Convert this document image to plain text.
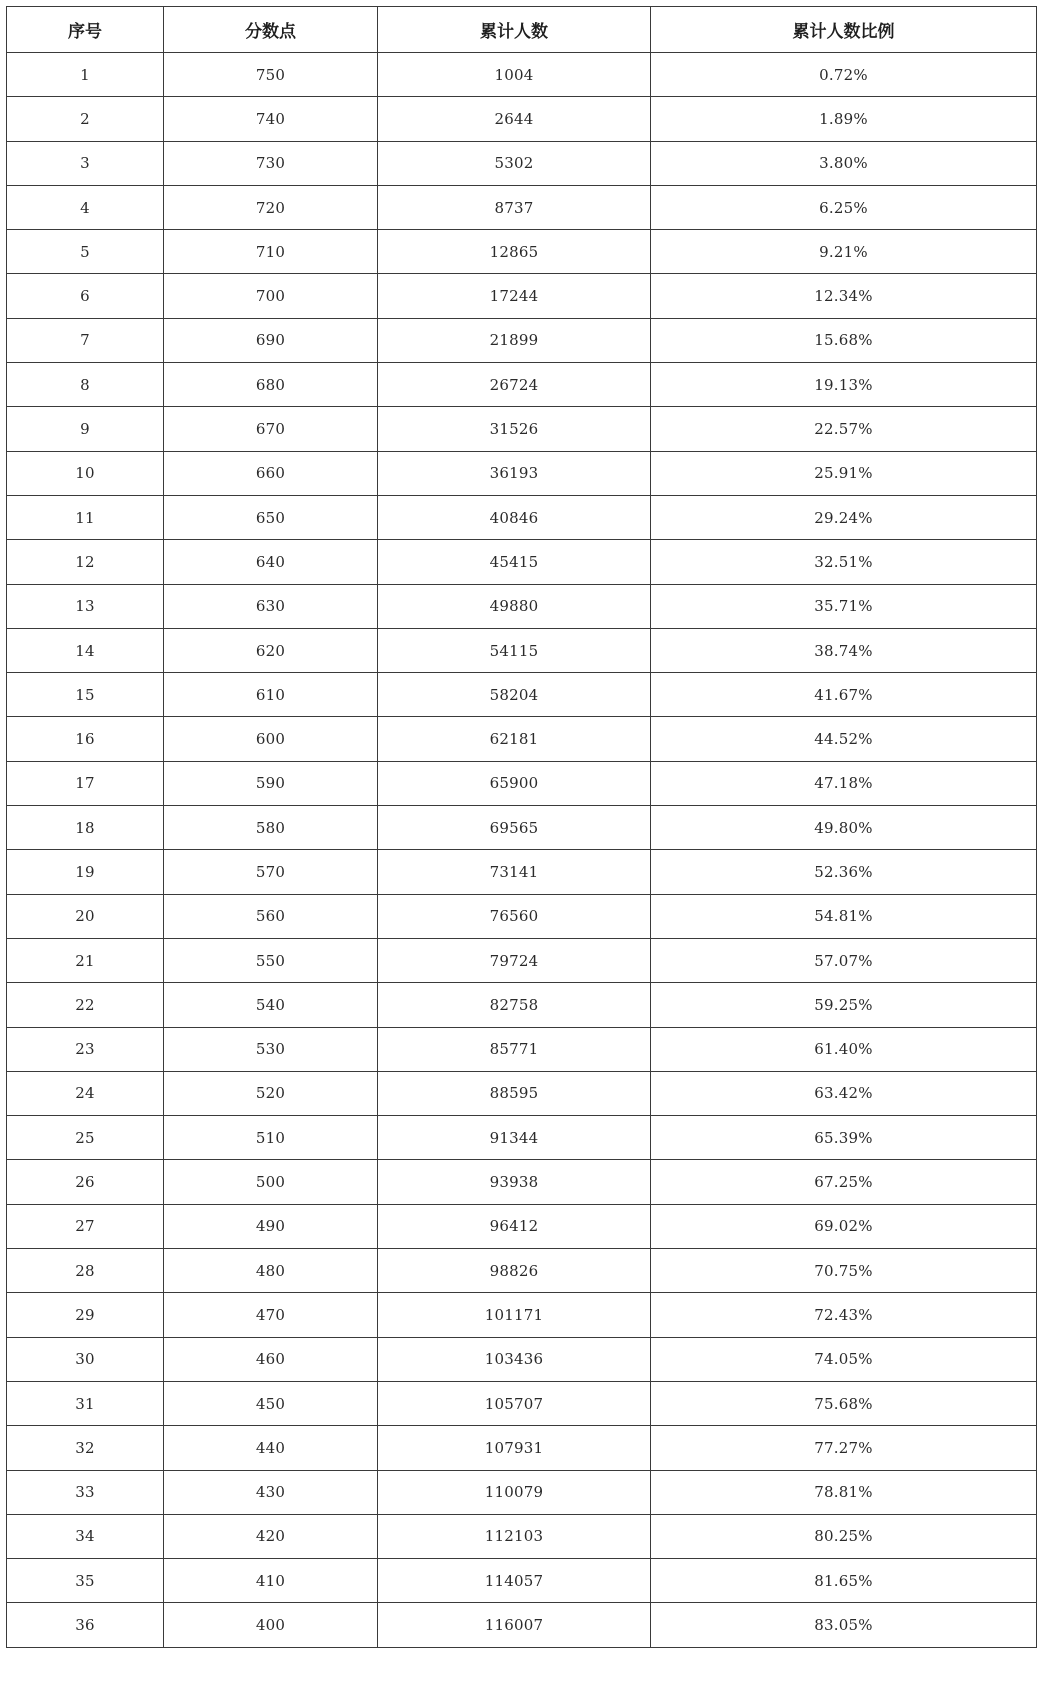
序号	分数点	累计人数	累计人数比例
1	750	1004	0.72%
2	740	2644	1.89%
3	730	5302	3.80%
4	720	8737	6.25%
5	710	12865	9.21%
6	700	17244	12.34%
7	690	21899	15.68%
8	680	26724	19.13%
9	670	31526	22.57%
10	660	36193	25.91%
11	650	40846	29.24%
12	640	45415	32.51%
13	630	49880	35.71%
14	620	54115	38.74%
15	610	58204	41.67%
16	600	62181	44.52%
17	590	65900	47.18%
18	580	69565	49.80%
19	570	73141	52.36%
20	560	76560	54.81%
21	550	79724	57.07%
22	540	82758	59.25%
23	530	85771	61.40%
24	520	88595	63.42%
25	510	91344	65.39%
26	500	93938	67.25%
27	490	96412	69.02%
28	480	98826	70.75%
29	470	101171	72.43%
30	460	103436	74.05%
31	450	105707	75.68%
32	440	107931	77.27%
33	430	110079	78.81%
34	420	112103	80.25%
35	410	114057	81.65%
36	400	116007	83.05%
